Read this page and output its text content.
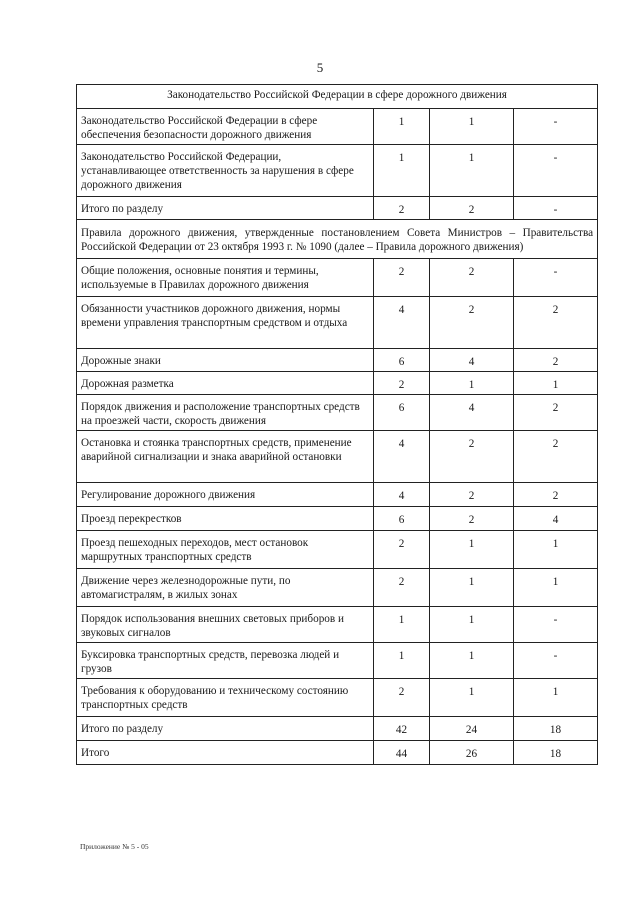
5
Законодательство Российской Федерации в сфере дорожного движения			
Законодательство Российской Федерации в сфере обеспечения безопасности дорожного движения	1	1	-
Законодательство Российской Федерации, устанавливающее ответственность за нарушения в сфере дорожного движения	1	1	-
Итого по разделу	2	2	-
Правила дорожного движения, утвержденные постановлением Совета Министров – Правительства Российской Федерации от 23 октября 1993 г. № 1090 (далее – Правила дорожного движения)			
Общие положения, основные понятия и термины, используемые в Правилах дорожного движения	2	2	-
Обязанности участников дорожного движения, нормы времени управления транспортным средством и отдыха	4	2	2
Дорожные знаки	6	4	2
Дорожная разметка	2	1	1
Порядок движения и расположение транспортных средств на проезжей части, скорость движения	6	4	2
Остановка и стоянка транспортных средств, применение аварийной сигнализации и знака аварийной остановки	4	2	2
Регулирование дорожного движения	4	2	2
Проезд перекрестков	6	2	4
Проезд пешеходных переходов, мест остановок маршрутных транспортных средств	2	1	1
Движение через железнодорожные пути, по автомагистралям, в жилых зонах	2	1	1
Порядок использования внешних световых приборов и звуковых сигналов	1	1	-
Буксировка транспортных средств, перевозка людей и грузов	1	1	-
Требования к оборудованию и техническому состоянию транспортных средств	2	1	1
Итого по разделу	42	24	18
Итого	44	26	18
Приложение № 5 - 05
